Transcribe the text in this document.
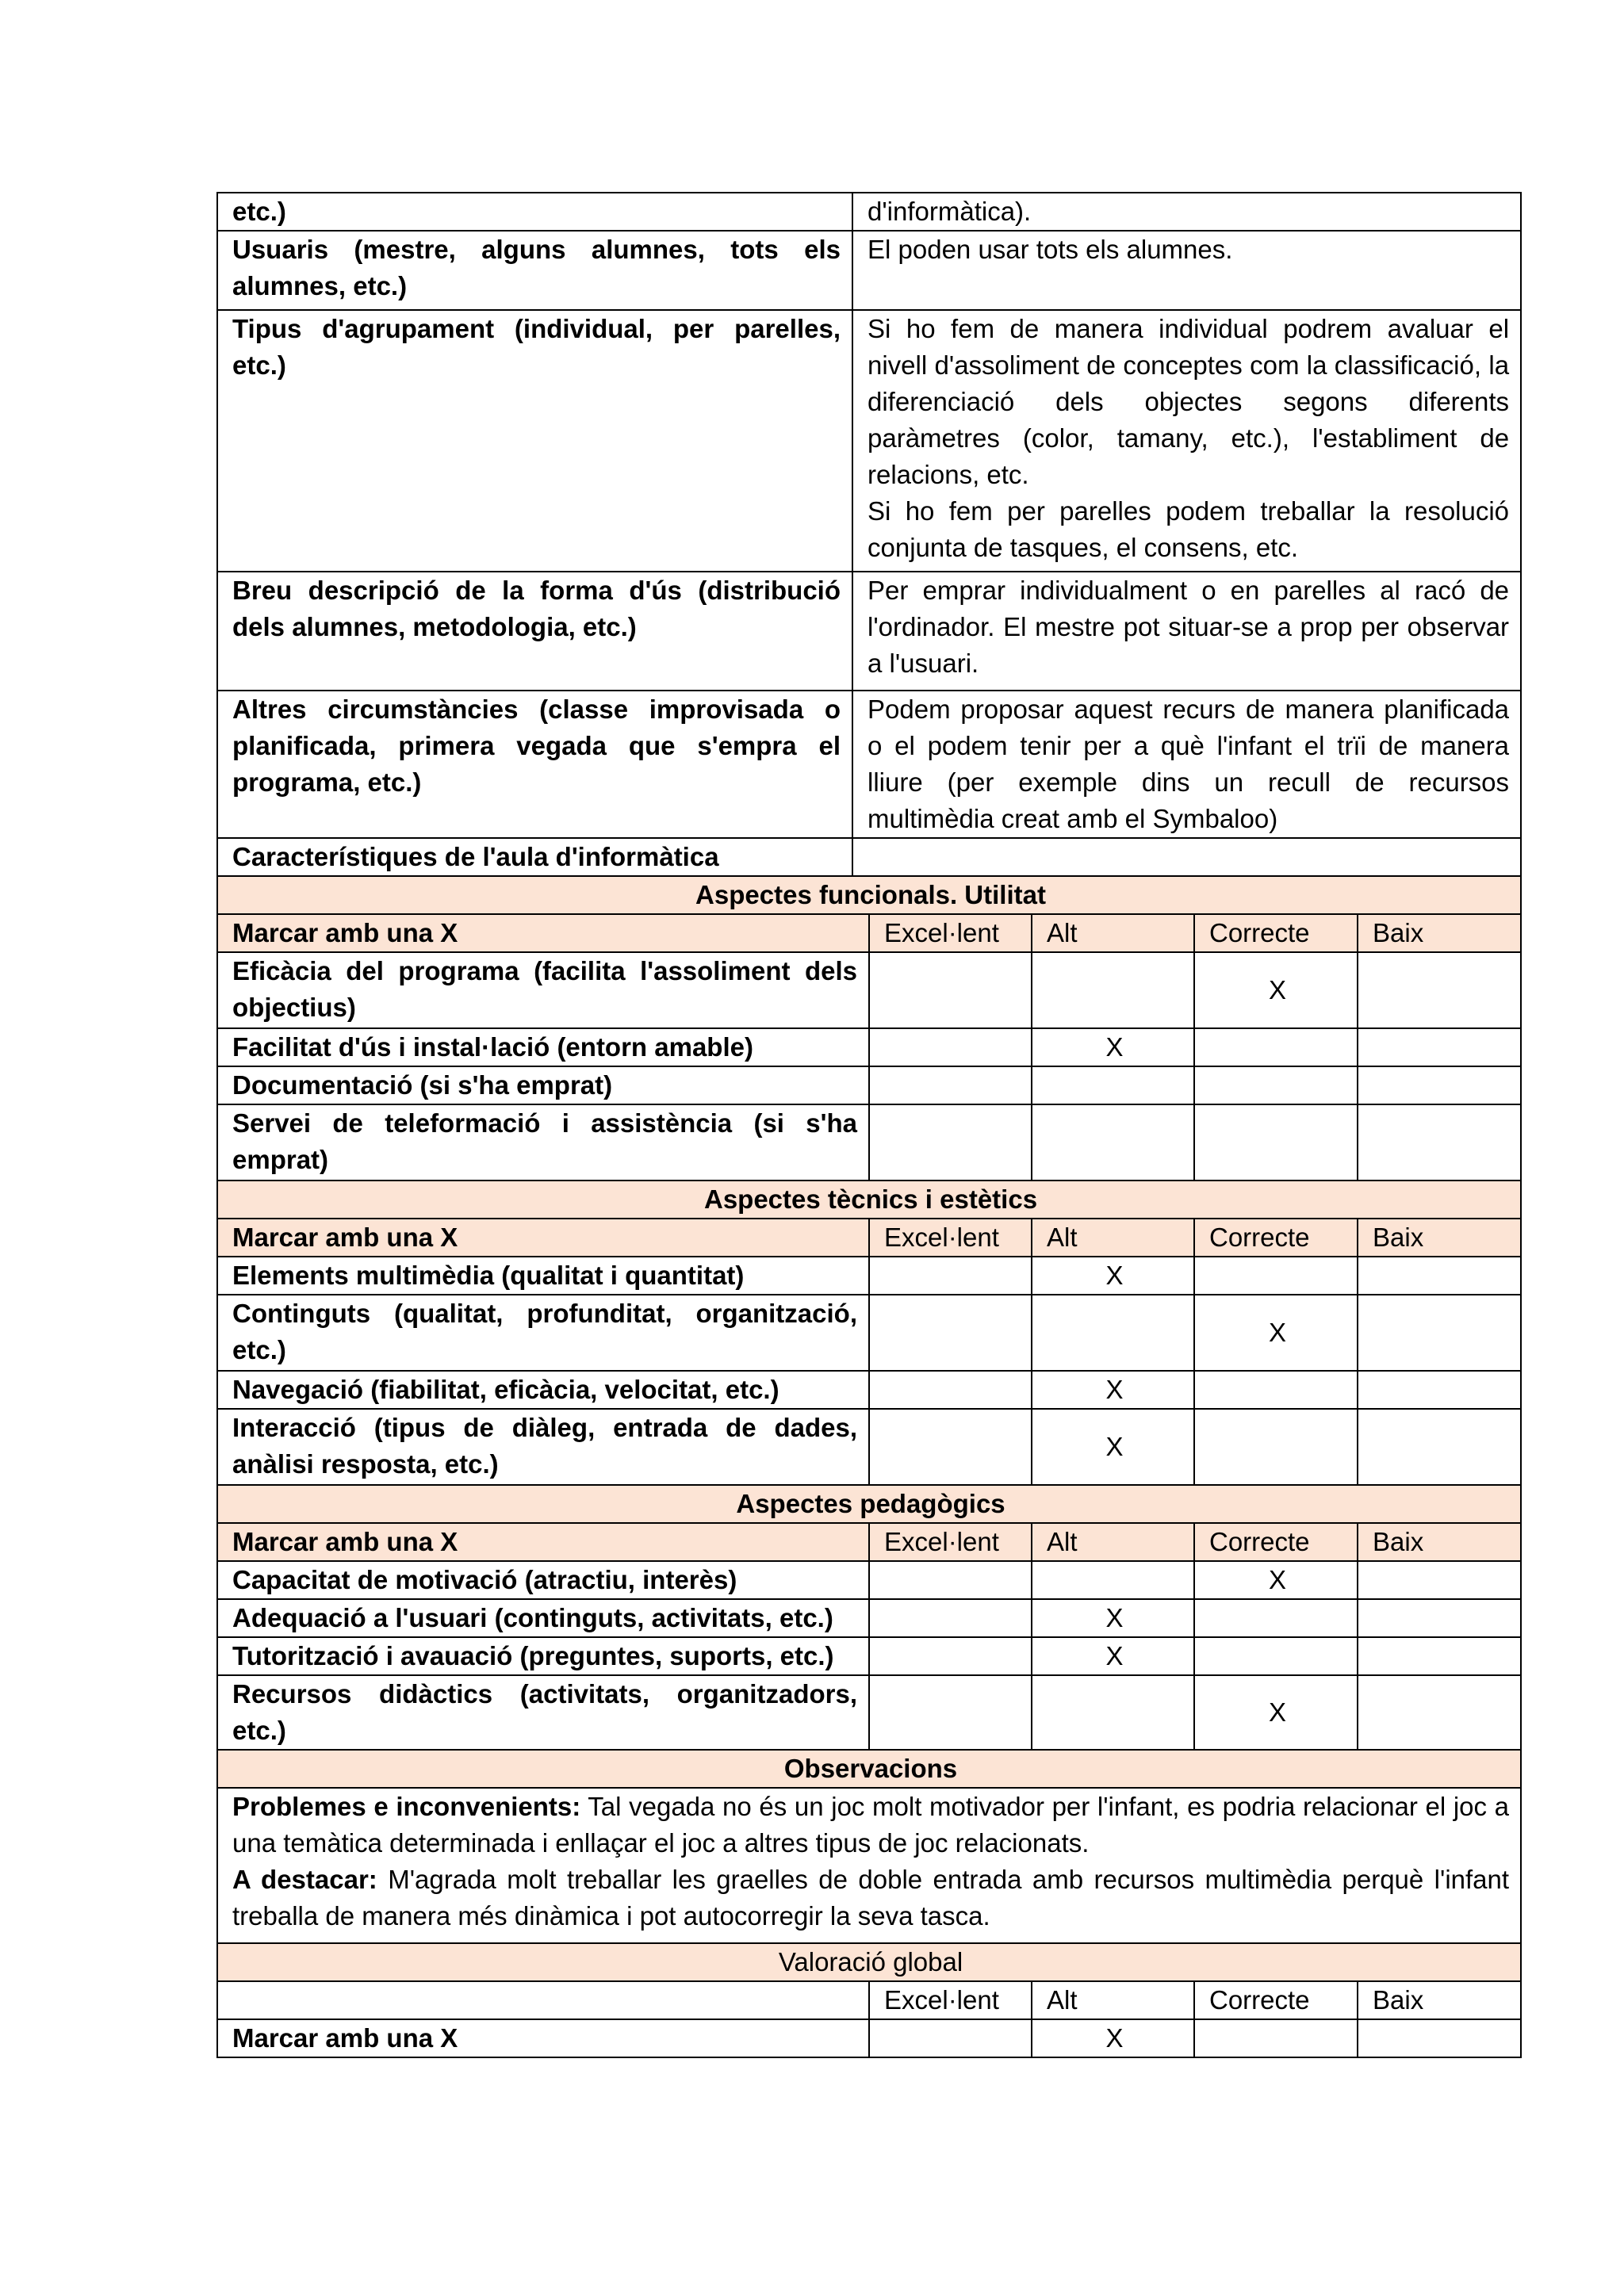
etc.)	d'informàtica).				

Usuaris (mestre, alguns alumnes, tots els alumnes, etc.)	El poden usar tots els alumnes.				

Tipus d'agrupament (individual, per parelles, etc.)	Si ho fem de manera individual podrem avaluar el nivell d'assoliment de conceptes com la classificació, la diferenciació dels objectes segons diferents paràmetres (color, tamany, etc.), l'establiment de relacions, etc.
Si ho fem per parelles podem treballar la resolució conjunta de tasques, el consens, etc.				

Breu descripció de la forma d'ús (distribució dels alumnes, metodologia, etc.)	Per emprar individualment o en parelles al racó de l'ordinador. El mestre pot situar-se a prop per observar a l'usuari.				

Altres circumstàncies (classe improvisada o planificada, primera vegada que s'empra el programa, etc.)	Podem proposar aquest recurs de manera planificada o el podem tenir per a què l'infant el trïi de manera lliure (per exemple dins un recull de recursos multimèdia creat amb el Symbaloo)				

Característiques de l'aula d'informàtica					

Aspectes funcionals. Utilitat					
Marcar amb una X		Excel·lent	Alt	Correcte	Baix
Eficàcia del programa (facilita l'assoliment dels objectius)				X	
Facilitat d'ús i instal·lació (entorn amable)			X		
Documentació (si s'ha emprat)					
Servei de teleformació i assistència (si s'ha emprat)					
Aspectes tècnics i estètics					
Marcar amb una X		Excel·lent	Alt	Correcte	Baix
Elements multimèdia (qualitat i quantitat)			X		
Continguts (qualitat, profunditat, organització, etc.)				X	
Navegació (fiabilitat, eficàcia, velocitat, etc.)			X		
Interacció (tipus de diàleg, entrada de dades, anàlisi resposta, etc.)			X		
Aspectes pedagògics					
Marcar amb una X		Excel·lent	Alt	Correcte	Baix
Capacitat de motivació (atractiu, interès)				X	
Adequació a l'usuari (continguts, activitats, etc.)			X		
Tutorització i avauació (preguntes, suports, etc.)			X		
Recursos didàctics (activitats, organitzadors, etc.)				X	
Observacions					

Problemes e inconvenients: Tal vegada no és un joc molt motivador per l'infant, es podria relacionar el joc a una temàtica determinada i enllaçar el joc a altres tipus de joc relacionats.
A destacar: M'agrada molt treballar les graelles de doble entrada amb recursos multimèdia perquè l'infant treballa de manera més dinàmica i pot autocorregir la seva tasca.					

Valoració global					
		Excel·lent	Alt	Correcte	Baix
Marcar amb una X			X		
